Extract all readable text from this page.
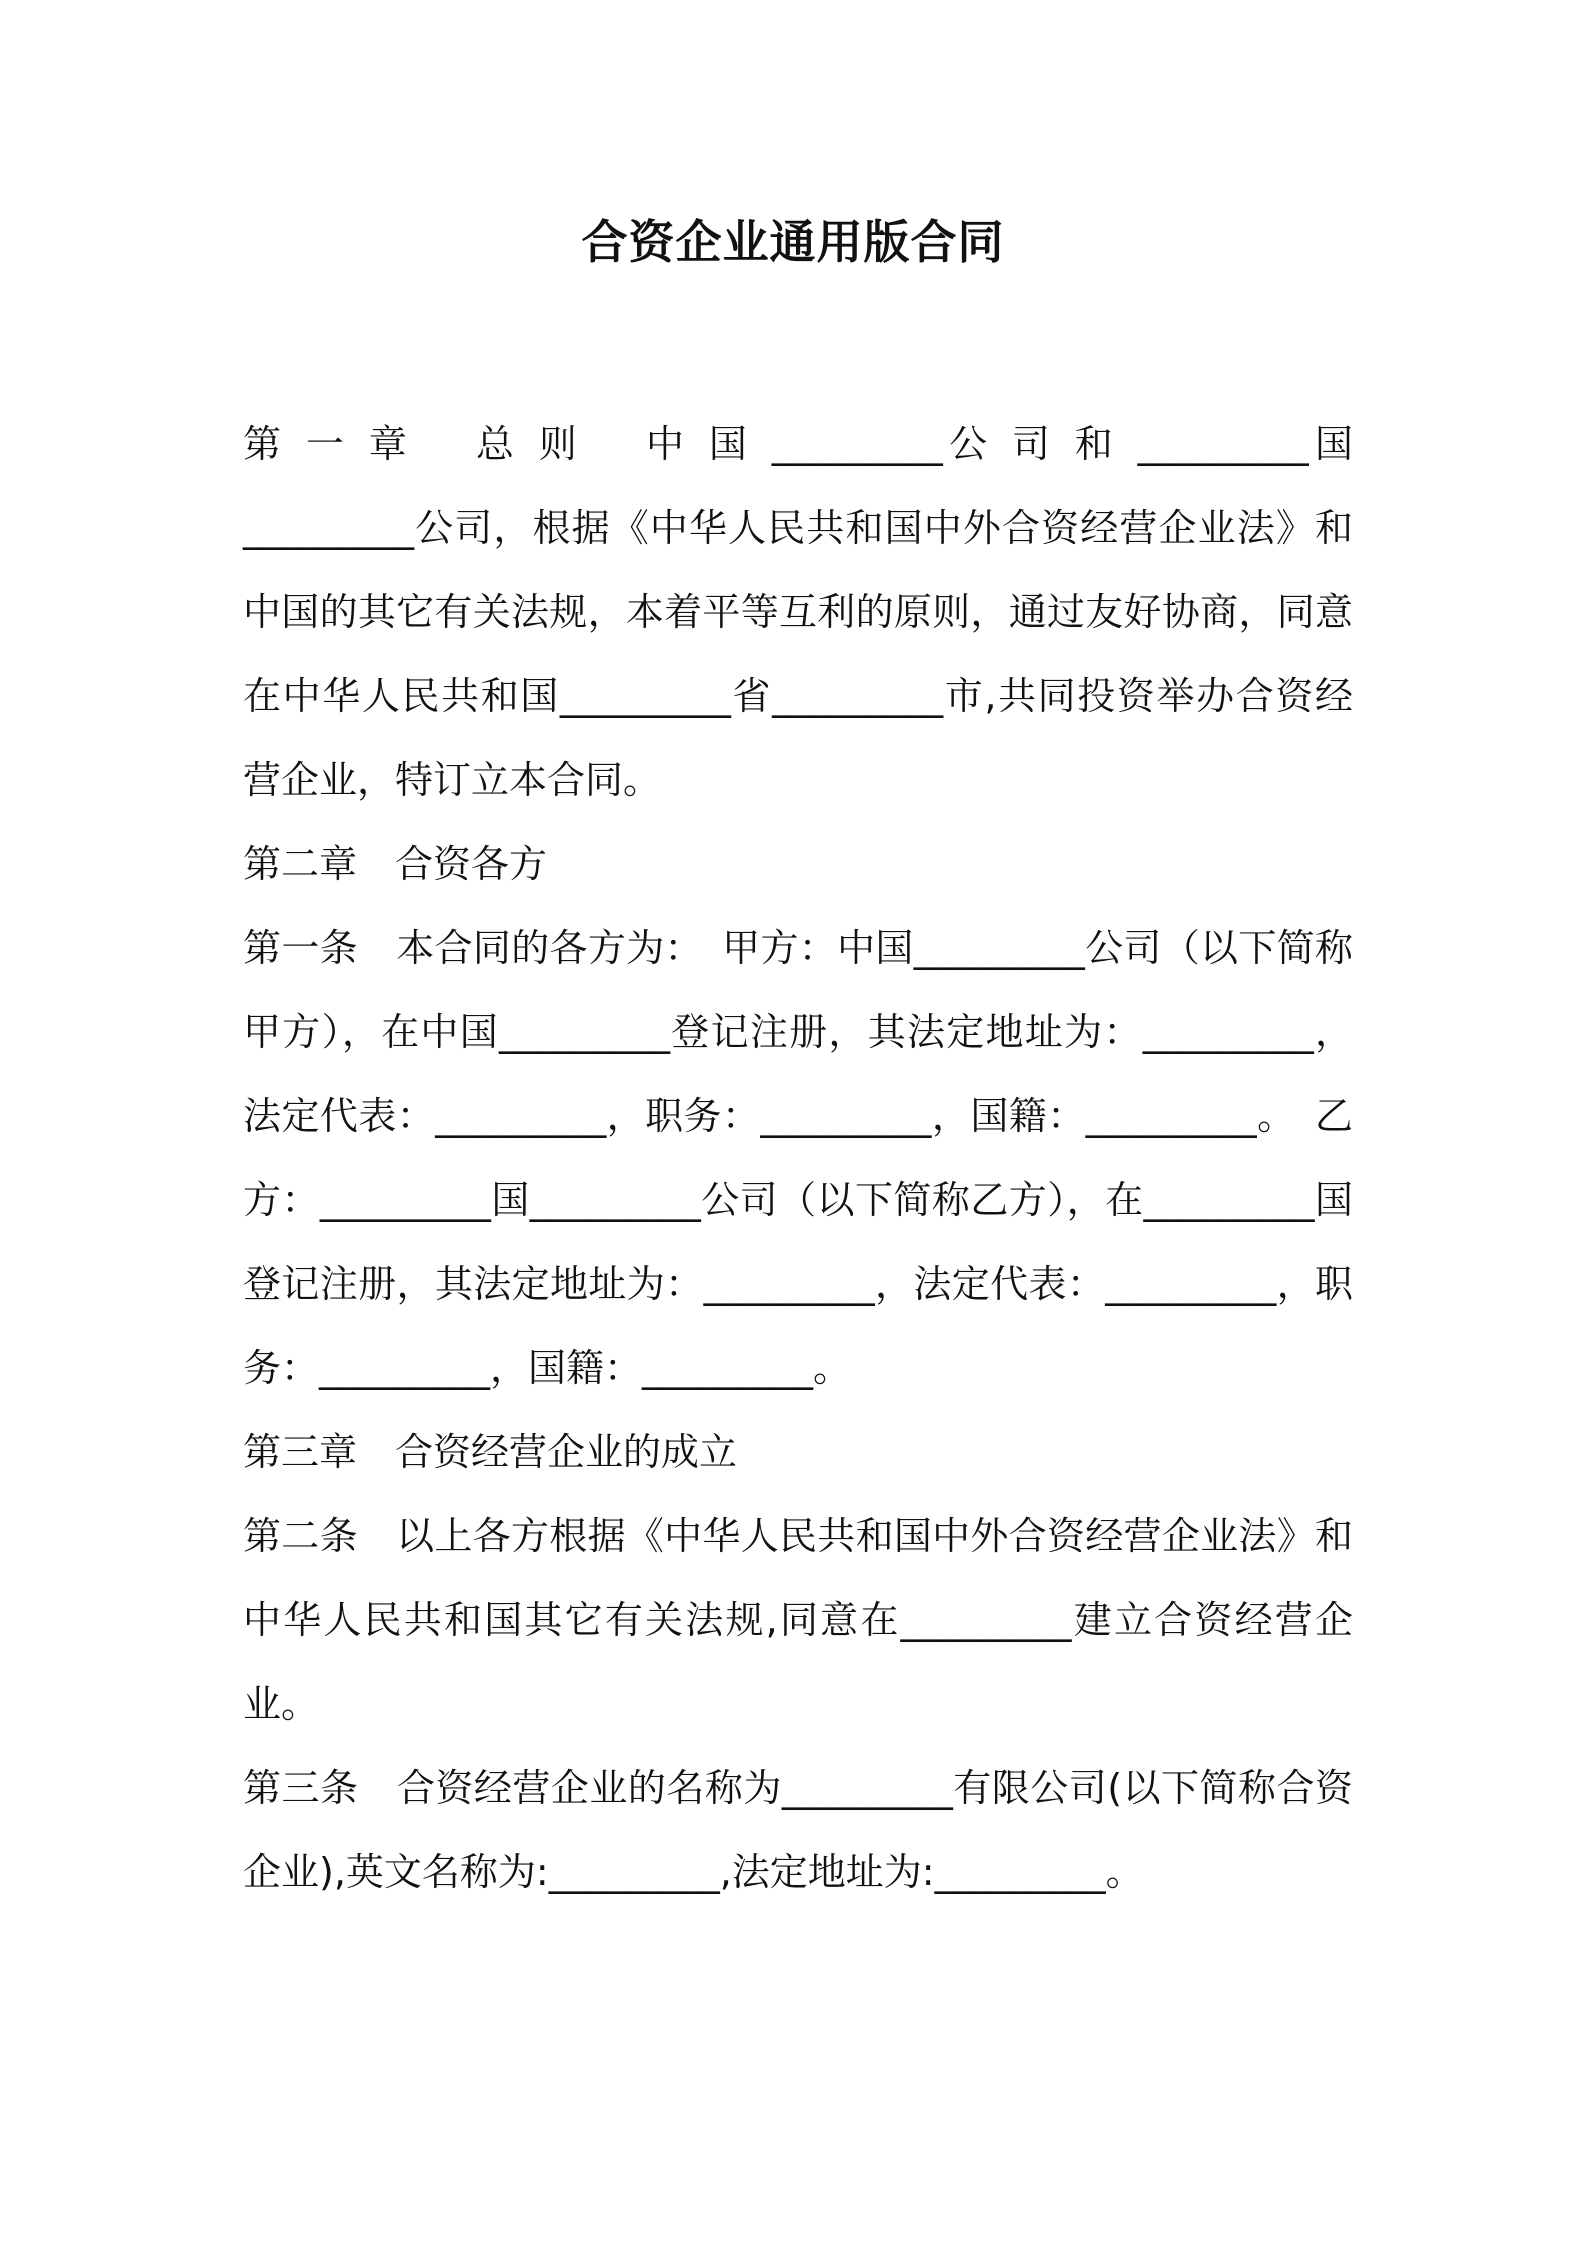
合资企业通用版合同

第 一 章　 总 则　 中 国 _________公 司 和 _________国 _________公司，根据《中华人民共和国中外合资经营企业法》和中国的其它有关法规，本着平等互利的原则，通过友好协商，同意在中华人民共和国_________省_________市,共同投资举办合资经营企业，特订立本合同。

第二章　合资各方

第一条　本合同的各方为：　甲方：中国_________公司（以下简称甲方），在中国_________登记注册，其法定地址为：_________，法定代表：_________，职务：_________，国籍：_________。　乙方：_________国_________公司（以下简称乙方），在_________国登记注册，其法定地址为：_________，法定代表：_________，职务：_________，国籍：_________。

第三章　合资经营企业的成立

第二条　以上各方根据《中华人民共和国中外合资经营企业法》和中华人民共和国其它有关法规,同意在_________建立合资经营企业。

第三条　合资经营企业的名称为_________有限公司(以下简称合资企业),英文名称为:_________,法定地址为:_________。
